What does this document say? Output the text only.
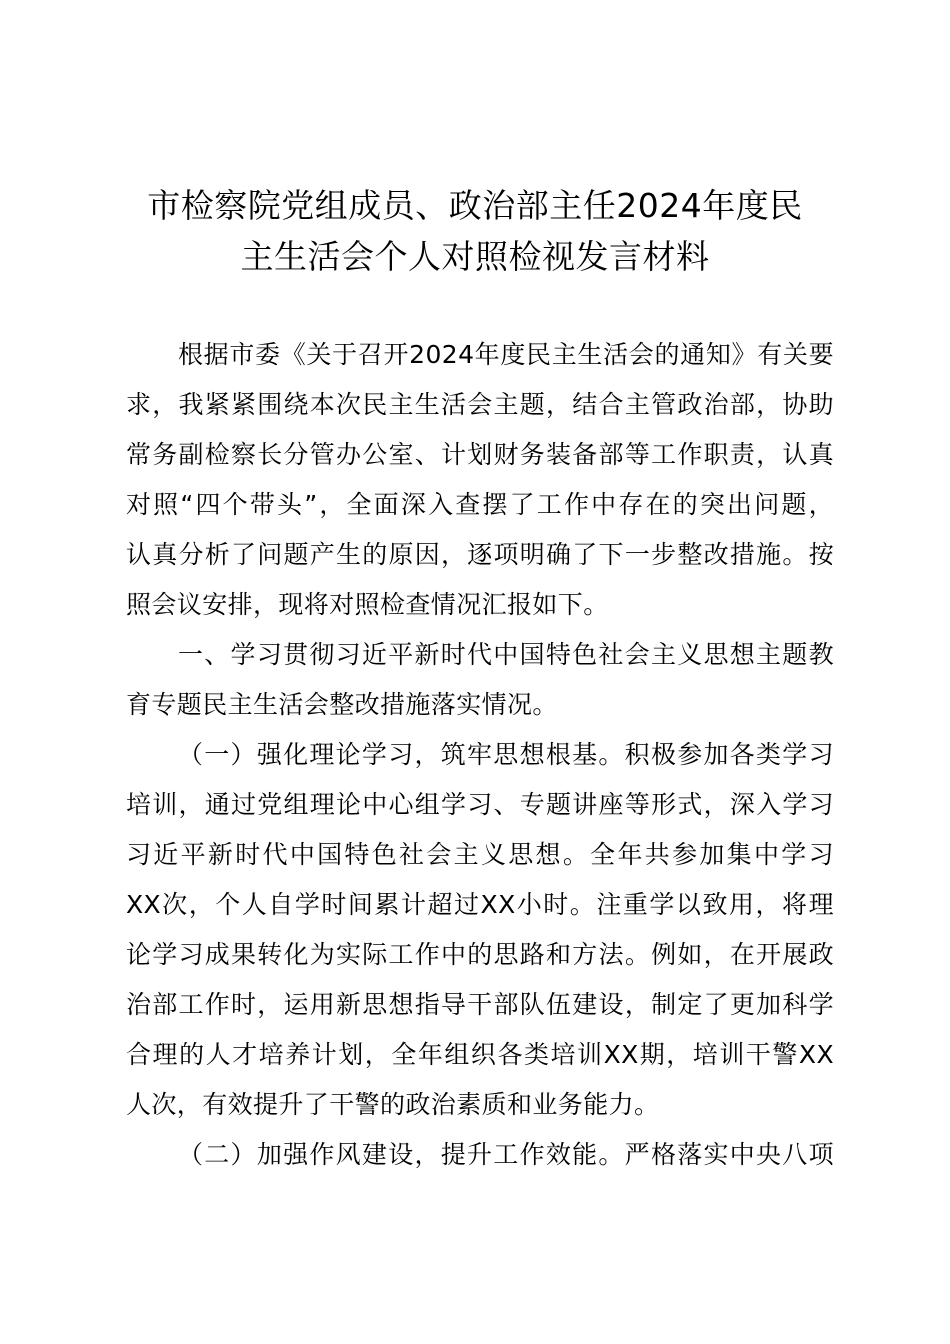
市检察院党组成员、政治部主任2024年度民
主生活会个人对照检视发言材料
根据市委《关于召开2024年度民主生活会的通知》有关要
求，我紧紧围绕本次民主生活会主题，结合主管政治部，协助
常务副检察长分管办公室、计划财务装备部等工作职责，认真
对照“四个带头”，全面深入查摆了工作中存在的突出问题，
认真分析了问题产生的原因，逐项明确了下一步整改措施。按
照会议安排，现将对照检查情况汇报如下。
一、学习贯彻习近平新时代中国特色社会主义思想主题教
育专题民主生活会整改措施落实情况。
（一）强化理论学习，筑牢思想根基。积极参加各类学习
培训，通过党组理论中心组学习、专题讲座等形式，深入学习
习近平新时代中国特色社会主义思想。全年共参加集中学习
XX次，个人自学时间累计超过XX小时。注重学以致用，将理
论学习成果转化为实际工作中的思路和方法。例如，在开展政
治部工作时，运用新思想指导干部队伍建设，制定了更加科学
合理的人才培养计划，全年组织各类培训XX期，培训干警XX
人次，有效提升了干警的政治素质和业务能力。
（二）加强作风建设，提升工作效能。严格落实中央八项
